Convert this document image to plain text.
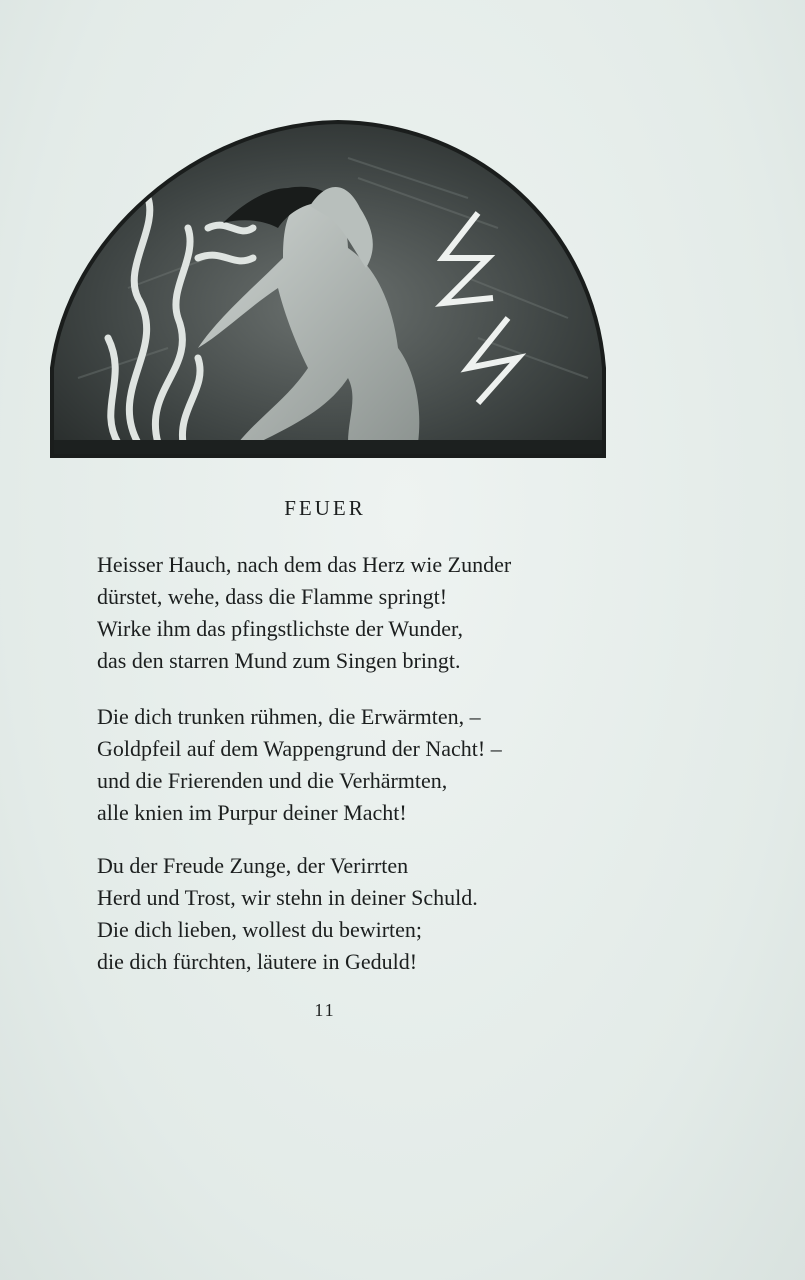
FEUER
Heisser Hauch, nach dem das Herz wie Zunder
dürstet, wehe, dass die Flamme springt!
Wirke ihm das pfingstlichste der Wunder,
das den starren Mund zum Singen bringt.
Die dich trunken rühmen, die Erwärmten, –
Goldpfeil auf dem Wappengrund der Nacht! –
und die Frierenden und die Verhärmten,
alle knien im Purpur deiner Macht!
Du der Freude Zunge, der Verirrten
Herd und Trost, wir stehn in deiner Schuld.
Die dich lieben, wollest du bewirten;
die dich fürchten, läutere in Geduld!
11
